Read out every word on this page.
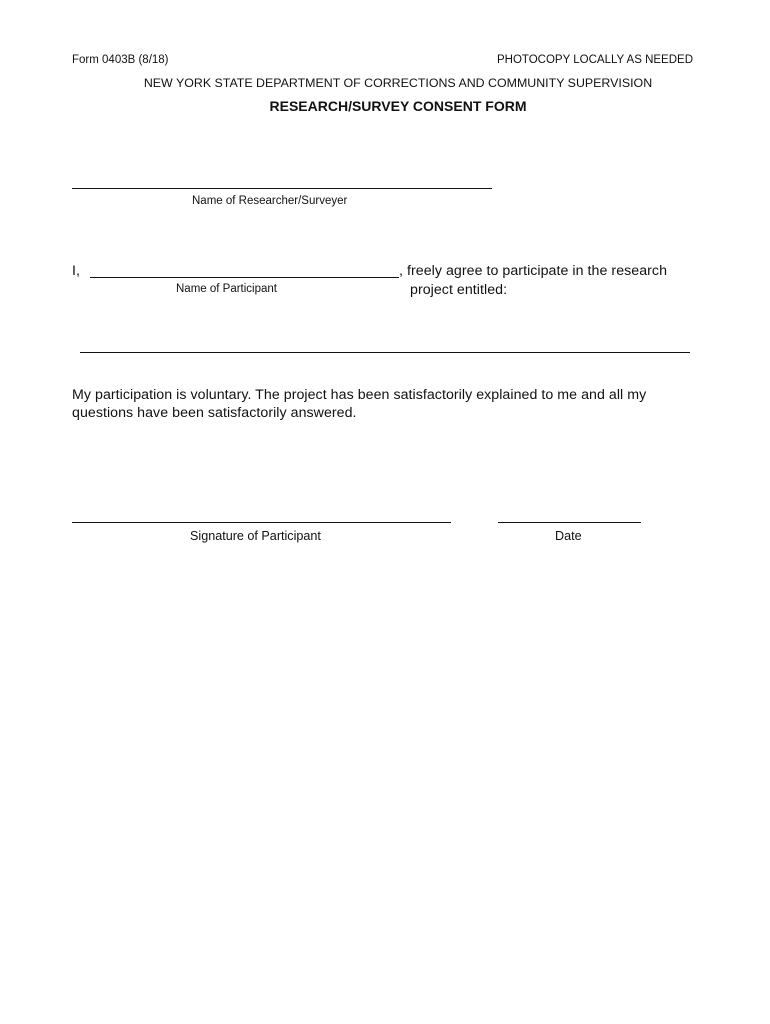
Form 0403B (8/18)	PHOTOCOPY LOCALLY AS NEEDED
NEW YORK STATE DEPARTMENT OF CORRECTIONS AND COMMUNITY SUPERVISION
RESEARCH/SURVEY CONSENT FORM
Name of Researcher/Surveyer
I,	, freely agree to participate in the research
Name of Participant	project entitled:
My participation is voluntary. The project has been satisfactorily explained to me and all my
questions have been satisfactorily answered.
Signature of Participant	Date
